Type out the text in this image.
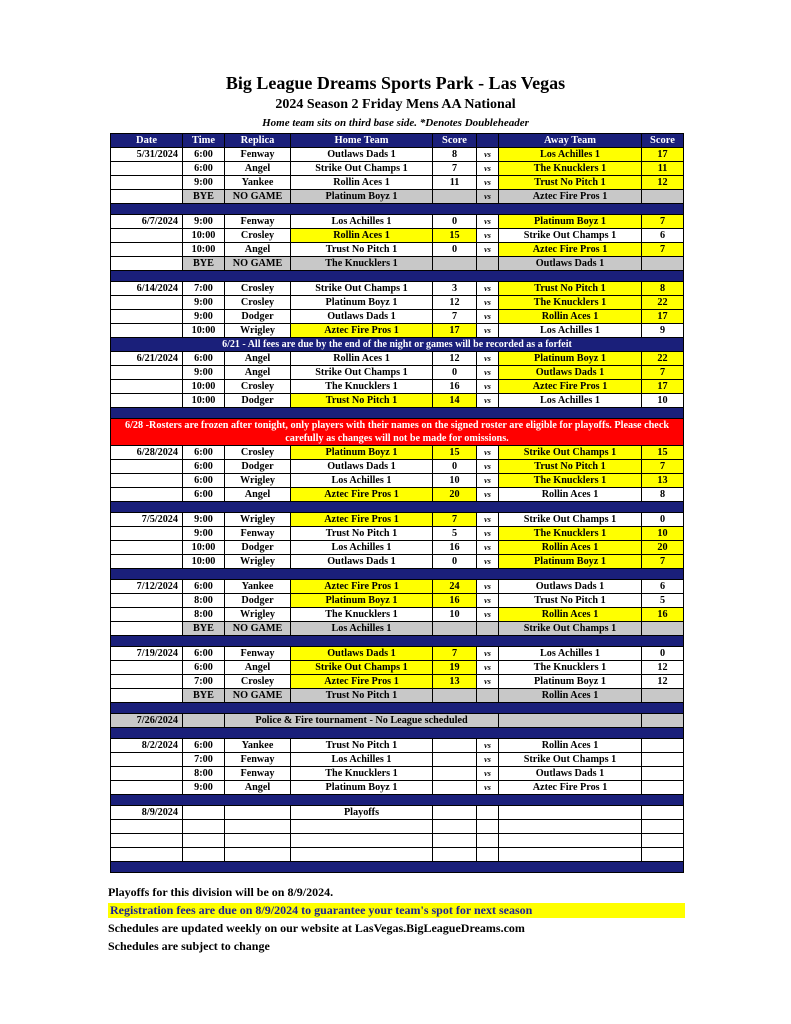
Big League Dreams Sports Park - Las Vegas
2024 Season 2 Friday Mens AA National
Home team sits on third base side. *Denotes Doubleheader
Date	Time	Replica	Home Team	Score		Away Team	Score
5/31/2024	6:00	Fenway	Outlaws Dads 1	8	vs	Los Achilles 1	17
	6:00	Angel	Strike Out Champs 1	7	vs	The Knucklers 1	11
	9:00	Yankee	Rollin Aces 1	11	vs	Trust No Pitch 1	12
	BYE	NO GAME	Platinum Boyz 1		vs	Aztec Fire Pros 1	

6/7/2024	9:00	Fenway	Los Achilles 1	0	vs	Platinum Boyz 1	7
	10:00	Crosley	Rollin Aces 1	15	vs	Strike Out Champs 1	6
	10:00	Angel	Trust No Pitch 1	0	vs	Aztec Fire Pros 1	7
	BYE	NO GAME	The Knucklers 1			Outlaws Dads 1	

6/14/2024	7:00	Crosley	Strike Out Champs 1	3	vs	Trust No Pitch 1	8
	9:00	Crosley	Platinum Boyz 1	12	vs	The Knucklers 1	22
	9:00	Dodger	Outlaws Dads 1	7	vs	Rollin Aces 1	17
	10:00	Wrigley	Aztec Fire Pros 1	17	vs	Los Achilles 1	9
6/21 - All fees are due by the end of the night or games will be recorded as a forfeit							
6/21/2024	6:00	Angel	Rollin Aces 1	12	vs	Platinum Boyz 1	22
	9:00	Angel	Strike Out Champs 1	0	vs	Outlaws Dads 1	7
	10:00	Crosley	The Knucklers 1	16	vs	Aztec Fire Pros 1	17
	10:00	Dodger	Trust No Pitch 1	14	vs	Los Achilles 1	10

6/28 -Rosters are frozen after tonight, only players with their names on the signed roster are eligible for playoffs. Please check carefully as changes will not be made for omissions.							
6/28/2024	6:00	Crosley	Platinum Boyz 1	15	vs	Strike Out Champs 1	15
	6:00	Dodger	Outlaws Dads 1	0	vs	Trust No Pitch 1	7
	6:00	Wrigley	Los Achilles 1	10	vs	The Knucklers 1	13
	6:00	Angel	Aztec Fire Pros 1	20	vs	Rollin Aces 1	8

7/5/2024	9:00	Wrigley	Aztec Fire Pros 1	7	vs	Strike Out Champs 1	0
	9:00	Fenway	Trust No Pitch 1	5	vs	The Knucklers 1	10
	10:00	Dodger	Los Achilles 1	16	vs	Rollin Aces 1	20
	10:00	Wrigley	Outlaws Dads 1	0	vs	Platinum Boyz 1	7

7/12/2024	6:00	Yankee	Aztec Fire Pros 1	24	vs	Outlaws Dads 1	6
	8:00	Dodger	Platinum Boyz 1	16	vs	Trust No Pitch 1	5
	8:00	Wrigley	The Knucklers 1	10	vs	Rollin Aces 1	16
	BYE	NO GAME	Los Achilles 1			Strike Out Champs 1	

7/19/2024	6:00	Fenway	Outlaws Dads 1	7	vs	Los Achilles 1	0
	6:00	Angel	Strike Out Champs 1	19	vs	The Knucklers 1	12
	7:00	Crosley	Aztec Fire Pros 1	13	vs	Platinum Boyz 1	12
	BYE	NO GAME	Trust No Pitch 1			Rollin Aces 1	

7/26/2024		Police & Fire tournament - No League scheduled					

8/2/2024	6:00	Yankee	Trust No Pitch 1		vs	Rollin Aces 1	
	7:00	Fenway	Los Achilles 1		vs	Strike Out Champs 1	
	8:00	Fenway	The Knucklers 1		vs	Outlaws Dads 1	
	9:00	Angel	Platinum Boyz 1		vs	Aztec Fire Pros 1	

8/9/2024			Playoffs				

Playoffs for this division will be on 8/9/2024.
Registration fees are due on 8/9/2024 to guarantee your team's spot for next season
Schedules are updated weekly on our website at LasVegas.BigLeagueDreams.com
Schedules are subject to change
